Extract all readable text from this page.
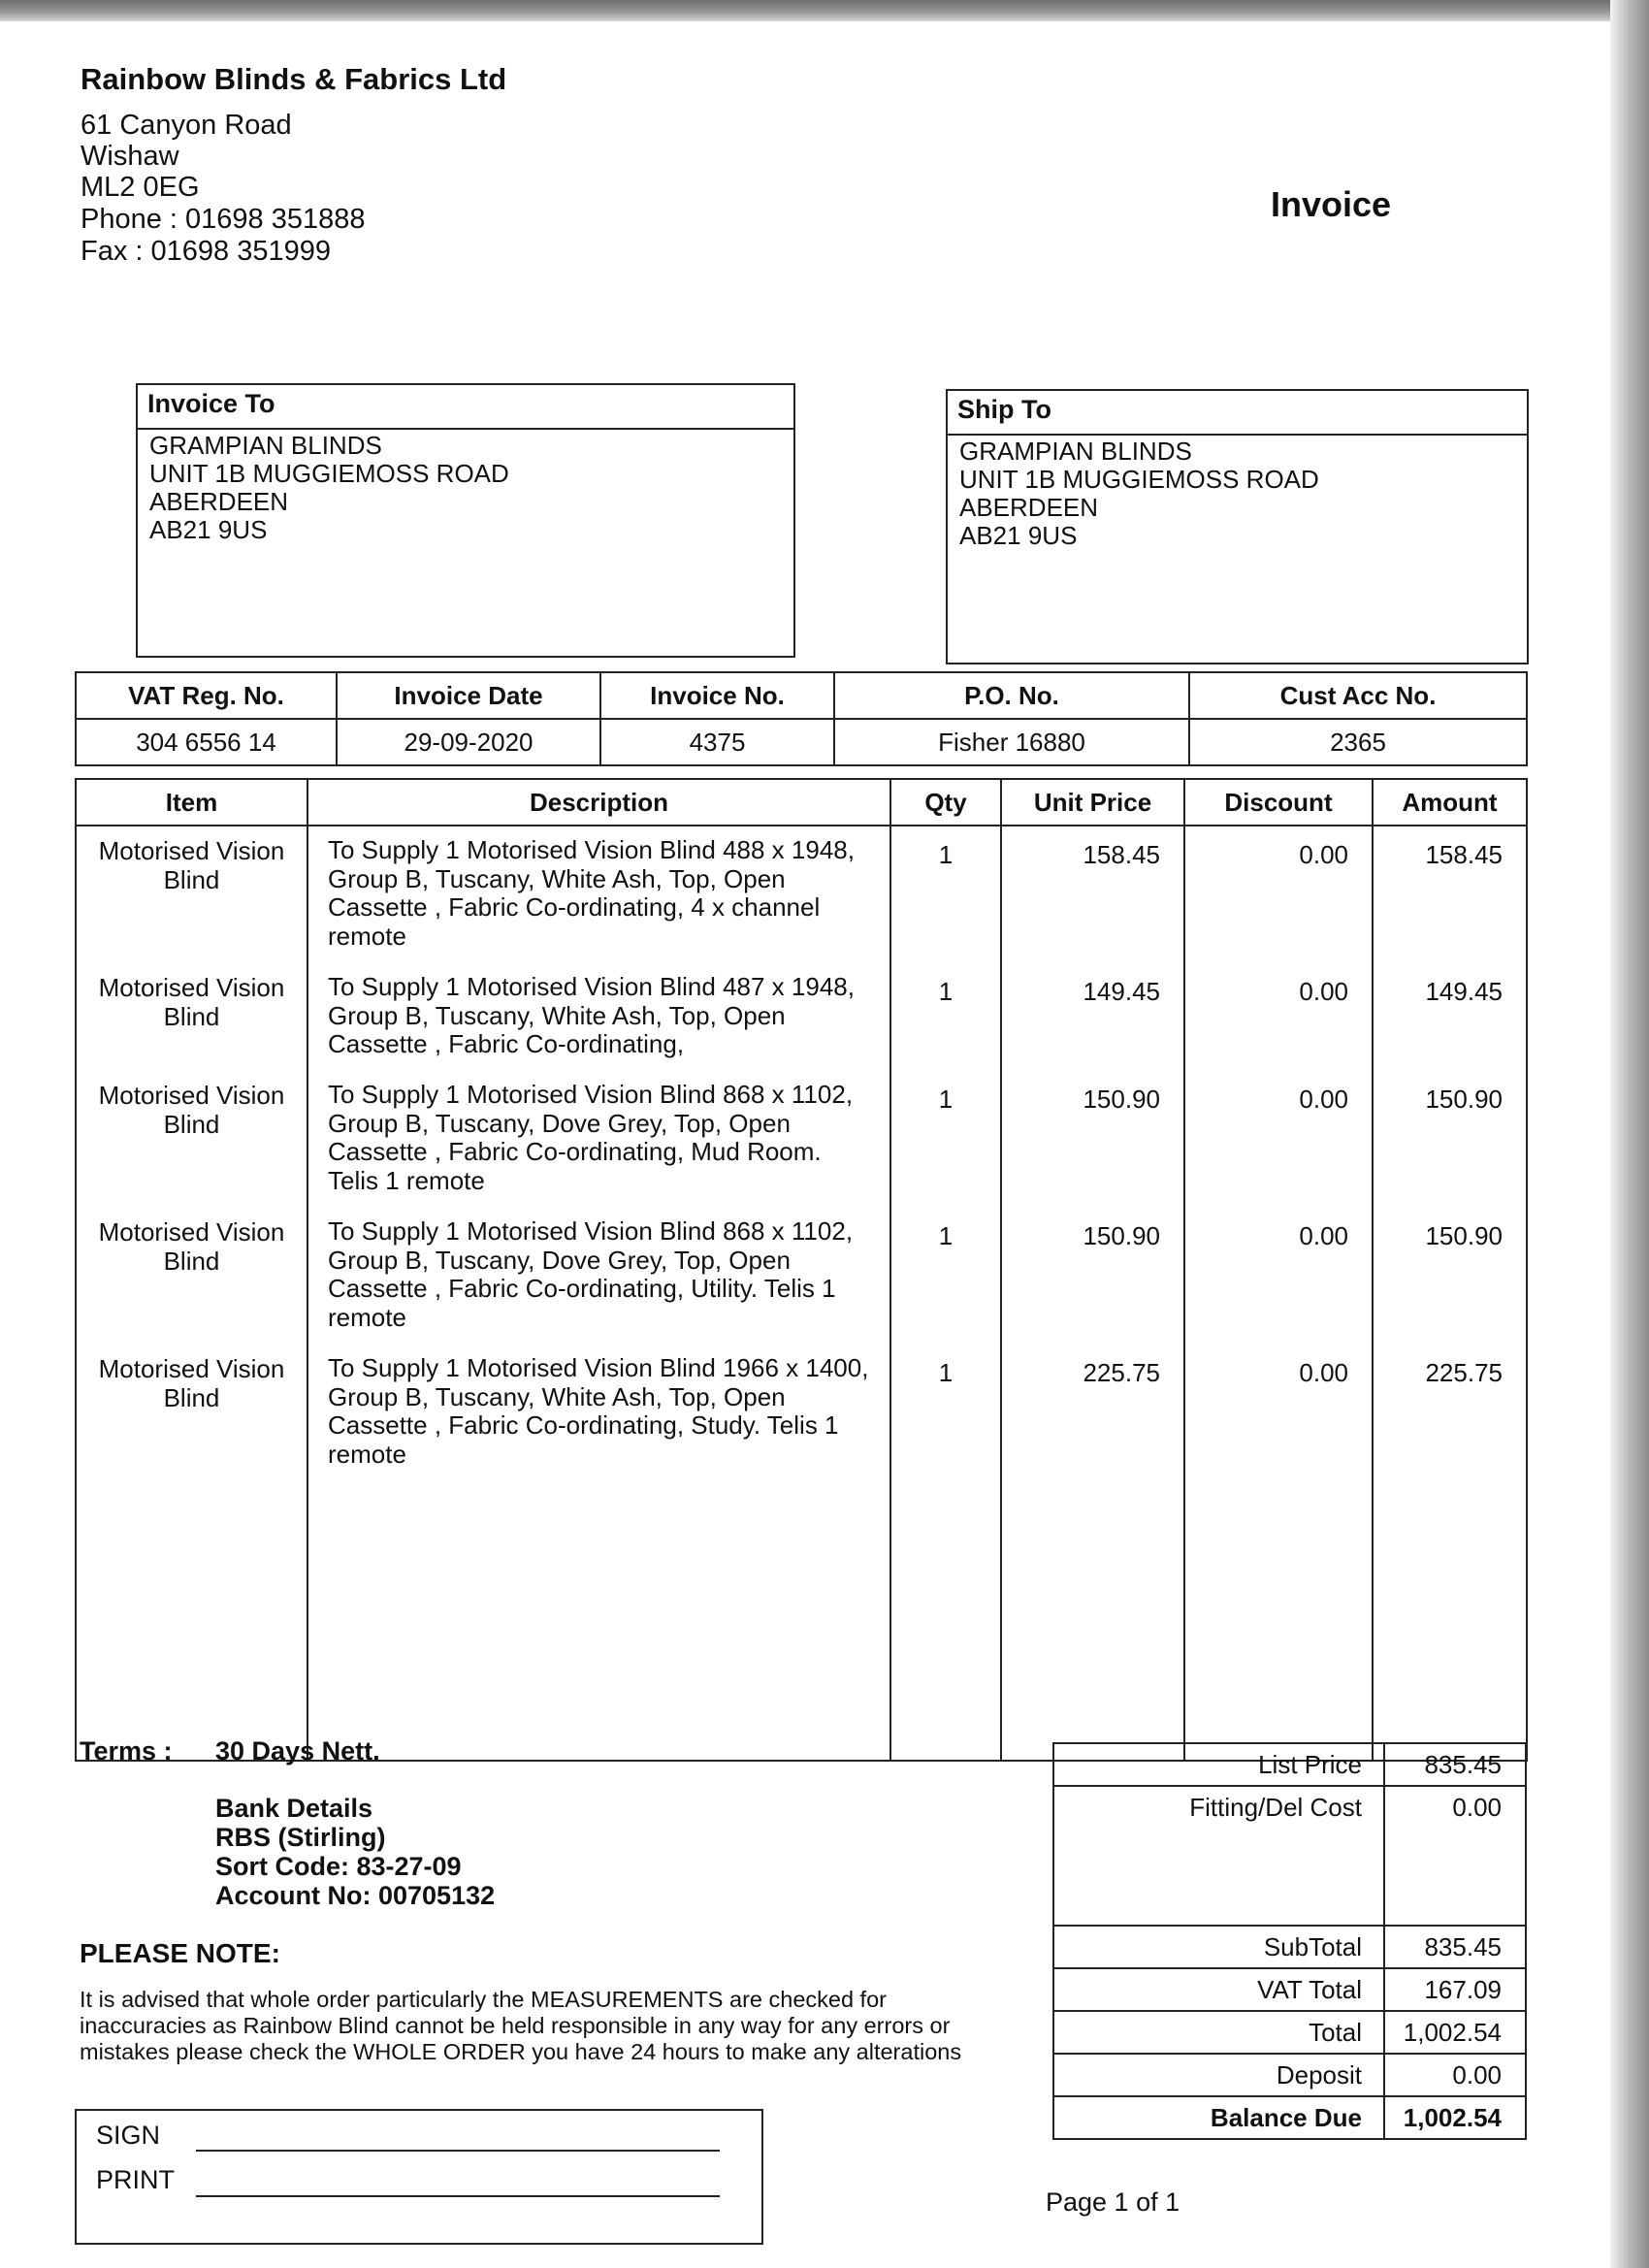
Rainbow Blinds & Fabrics Ltd
61 Canyon Road
Wishaw
ML2 0EG
Phone : 01698 351888
Fax : 01698 351999
Invoice
Invoice To
GRAMPIAN BLINDS
UNIT 1B MUGGIEMOSS ROAD
ABERDEEN
AB21 9US
Ship To
GRAMPIAN BLINDS
UNIT 1B MUGGIEMOSS ROAD
ABERDEEN
AB21 9US
VAT Reg. No.	Invoice Date	Invoice No.	P.O. No.	Cust Acc No.
304 6556 14	29-09-2020	4375	Fisher 16880	2365
Item	Description	Qty	Unit Price	Discount	Amount
Motorised Vision Blind	To Supply 1 Motorised Vision Blind 488 x 1948, Group B, Tuscany, White Ash, Top, Open Cassette , Fabric Co-ordinating, 4 x channel remote	1	158.45	0.00	158.45
Motorised Vision Blind	To Supply 1 Motorised Vision Blind 487 x 1948, Group B, Tuscany, White Ash, Top, Open Cassette , Fabric Co-ordinating,	1	149.45	0.00	149.45
Motorised Vision Blind	To Supply 1 Motorised Vision Blind 868 x 1102, Group B, Tuscany, Dove Grey, Top, Open Cassette , Fabric Co-ordinating, Mud Room. Telis 1 remote	1	150.90	0.00	150.90
Motorised Vision Blind	To Supply 1 Motorised Vision Blind 868 x 1102, Group B, Tuscany, Dove Grey, Top, Open Cassette , Fabric Co-ordinating, Utility. Telis 1 remote	1	150.90	0.00	150.90
Motorised Vision Blind	To Supply 1 Motorised Vision Blind 1966 x 1400, Group B, Tuscany, White Ash, Top, Open Cassette , Fabric Co-ordinating, Study. Telis 1 remote	1	225.75	0.00	225.75

Terms : 30 Days Nett.
Bank Details
RBS (Stirling)
Sort Code: 83-27-09
Account No: 00705132
PLEASE NOTE:
It is advised that whole order particularly the MEASUREMENTS are checked for inaccuracies as Rainbow Blind cannot be held responsible in any way for any errors or mistakes please check the WHOLE ORDER you have 24 hours to make any alterations
SIGN
PRINT
List Price	835.45
Fitting/Del Cost	0.00
SubTotal	835.45
VAT Total	167.09
Total	1,002.54
Deposit	0.00
Balance Due	1,002.54
Page 1 of 1
